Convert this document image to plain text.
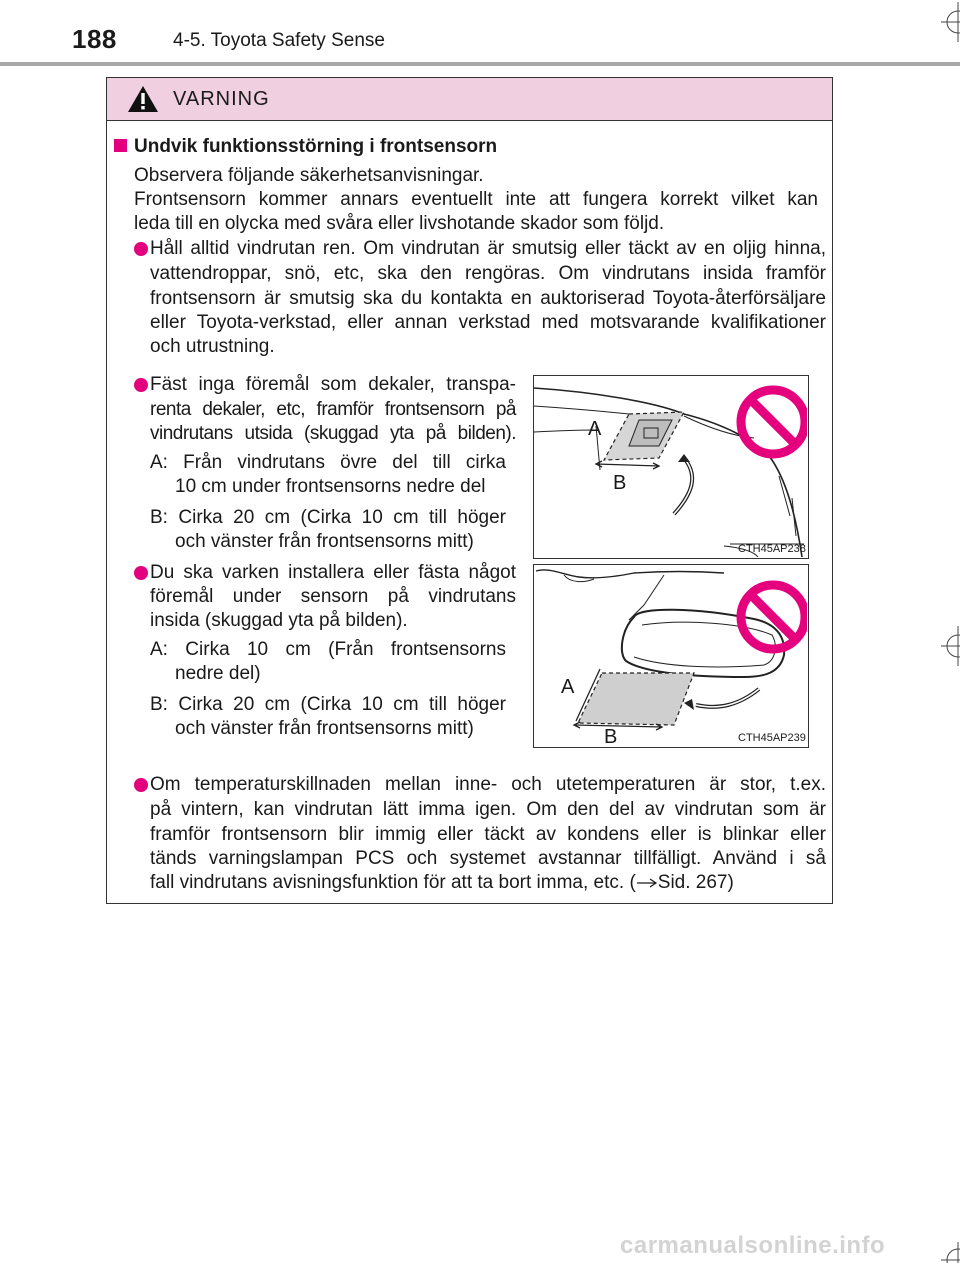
188	4-5. Toyota Safety Sense
VARNING
Undvik funktionsstörning i frontsensorn
Observera följande säkerhetsanvisningar.
Frontsensorn kommer annars eventuellt inte att fungera korrekt vilket kan
leda till en olycka med svåra eller livshotande skador som följd.
Håll alltid vindrutan ren. Om vindrutan är smutsig eller täckt av en oljig hinna,
vattendroppar, snö, etc, ska den rengöras. Om vindrutans insida framför
frontsensorn är smutsig ska du kontakta en auktoriserad Toyota-återförsäljare
eller Toyota-verkstad, eller annan verkstad med motsvarande kvalifikationer
och utrustning.
Fäst inga föremål som dekaler, transpa-
renta dekaler, etc, framför frontsensorn på
vindrutans utsida (skuggad yta på bilden).
A: Från vindrutans övre del till cirka
10 cm under frontsensorns nedre del
B: Cirka 20 cm (Cirka 10 cm till höger
och vänster från frontsensorns mitt)
Du ska varken installera eller fästa något
föremål under sensorn på vindrutans
insida (skuggad yta på bilden).
A: Cirka 10 cm (Från frontsensorns
nedre del)
B: Cirka 20 cm (Cirka 10 cm till höger
och vänster från frontsensorns mitt)
Om temperaturskillnaden mellan inne- och utetemperaturen är stor, t.ex.
på vintern, kan vindrutan lätt imma igen. Om den del av vindrutan som är
framför frontsensorn blir immig eller täckt av kondens eller is blinkar eller
tänds varningslampan PCS och systemet avstannar tillfälligt. Använd i så
fall vindrutans avisningsfunktion för att ta bort imma, etc. ( Sid. 267)
A
B
CTH45AP238
A
B	CTH45AP239
carmanualsonline.info
